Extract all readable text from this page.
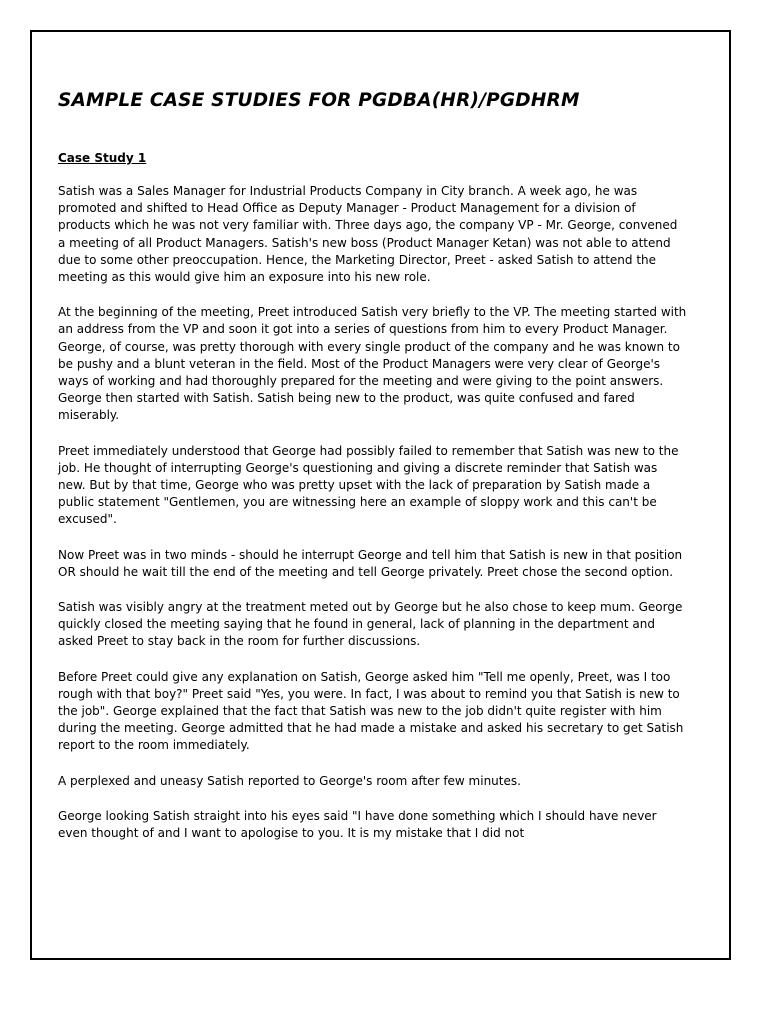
SAMPLE CASE STUDIES FOR PGDBA(HR)/PGDHRM
Case Study 1

Satish was a Sales Manager for Industrial Products Company in City branch. A week ago, he was promoted and shifted to Head Office as Deputy Manager - Product Management for a division of products which he was not very familiar with. Three days ago, the company VP - Mr. George, convened a meeting of all Product Managers. Satish's new boss (Product Manager Ketan) was not able to attend due to some other preoccupation. Hence, the Marketing Director, Preet - asked Satish to attend the meeting as this would give him an exposure into his new role.

At the beginning of the meeting, Preet introduced Satish very briefly to the VP. The meeting started with an address from the VP and soon it got into a series of questions from him to every Product Manager. George, of course, was pretty thorough with every single product of the company and he was known to be pushy and a blunt veteran in the field. Most of the Product Managers were very clear of George's ways of working and had thoroughly prepared for the meeting and were giving to the point answers. George then started with Satish. Satish being new to the product, was quite confused and fared miserably.

Preet immediately understood that George had possibly failed to remember that Satish was new to the job. He thought of interrupting George's questioning and giving a discrete reminder that Satish was new. But by that time, George who was pretty upset with the lack of preparation by Satish made a public statement "Gentlemen, you are witnessing here an example of sloppy work and this can't be excused".

Now Preet was in two minds - should he interrupt George and tell him that Satish is new in that position OR should he wait till the end of the meeting and tell George privately. Preet chose the second option.

Satish was visibly angry at the treatment meted out by George but he also chose to keep mum. George quickly closed the meeting saying that he found in general, lack of planning in the department and asked Preet to stay back in the room for further discussions.

Before Preet could give any explanation on Satish, George asked him "Tell me openly, Preet, was I too rough with that boy?" Preet said "Yes, you were. In fact, I was about to remind you that Satish is new to the job". George explained that the fact that Satish was new to the job didn't quite register with him during the meeting. George admitted that he had made a mistake and asked his secretary to get Satish report to the room immediately.

A perplexed and uneasy Satish reported to George's room after few minutes.

George looking Satish straight into his eyes said "I have done something which I should have never even thought of and I want to apologise to you. It is my mistake that I did not
